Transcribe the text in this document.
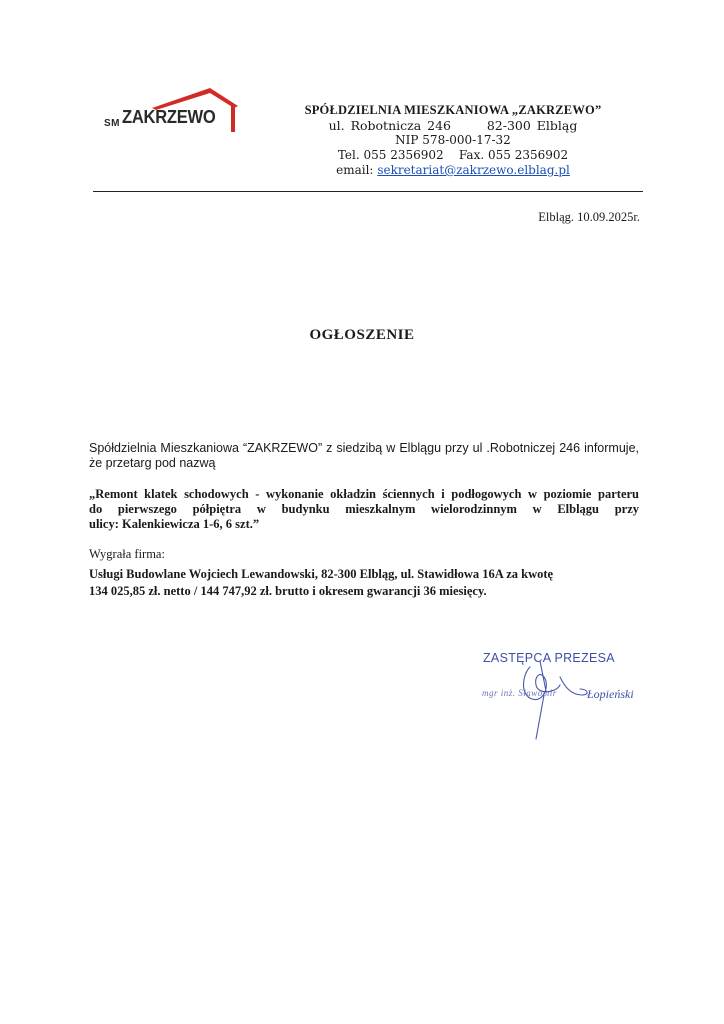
SM ZAKRZEWO	SPÓŁDZIELNIA MIESZKANIOWA „ZAKRZEWO”
ul. Robotnicza 246	82-300 Elbląg
NIP 578-000-17-32
Tel. 055 2356902 Fax. 055 2356902
email: sekretariat@zakrzewo.elblag.pl
Elbląg. 10.09.2025r.
OGŁOSZENIE
Spółdzielnia Mieszkaniowa “ZAKRZEWO” z siedzibą w Elblągu przy ul .Robotniczej 246 informuje, że przetarg pod nazwą
„Remont klatek schodowych - wykonanie okładzin ściennych i podłogowych w poziomie parteru
do pierwszego półpiętra w budynku mieszkalnym wielorodzinnym w Elblągu przy
ulicy: Kalenkiewicza 1-6, 6 szt.”
Wygrała firma:
Usługi Budowlane Wojciech Lewandowski, 82-300 Elbląg, ul. Stawidłowa 16A za kwotę
134 025,85 zł. netto / 144 747,92 zł. brutto i okresem gwarancji 36 miesięcy.
ZASTĘPCA PREZESA
mgr inż. Sławomir	Łopieński
